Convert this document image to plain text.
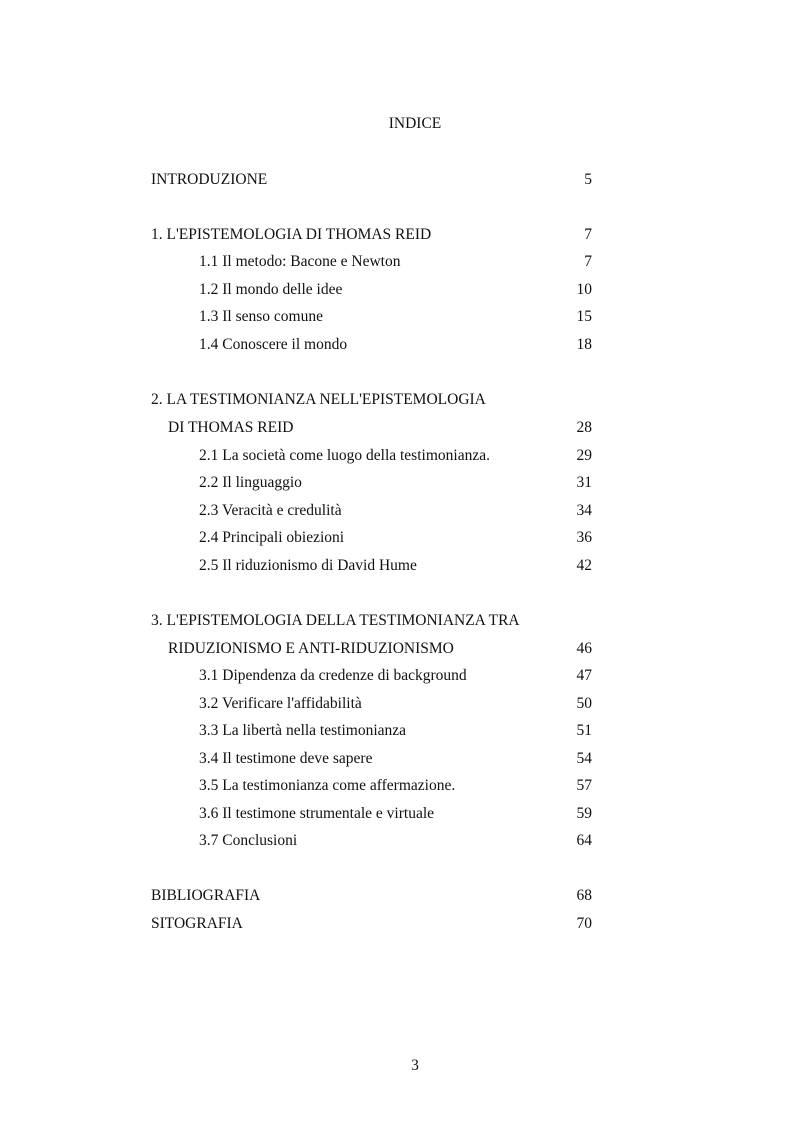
INDICE
INTRODUZIONE	5
1. L'EPISTEMOLOGIA DI THOMAS REID	7
1.1 Il metodo: Bacone e Newton	7
1.2 Il mondo delle idee	10
1.3 Il senso comune	15
1.4 Conoscere il mondo	18
2. LA TESTIMONIANZA NELL'EPISTEMOLOGIA
DI THOMAS REID	28
2.1 La società come luogo della testimonianza.	29
2.2 Il linguaggio	31
2.3 Veracità e credulità	34
2.4 Principali obiezioni	36
2.5 Il riduzionismo di David Hume	42
3. L'EPISTEMOLOGIA DELLA TESTIMONIANZA TRA
RIDUZIONISMO E ANTI-RIDUZIONISMO	46
3.1 Dipendenza da credenze di background	47
3.2 Verificare l'affidabilità	50
3.3 La libertà nella testimonianza	51
3.4 Il testimone deve sapere	54
3.5 La testimonianza come affermazione.	57
3.6 Il testimone strumentale e virtuale	59
3.7 Conclusioni	64
BIBLIOGRAFIA	68
SITOGRAFIA	70
3
